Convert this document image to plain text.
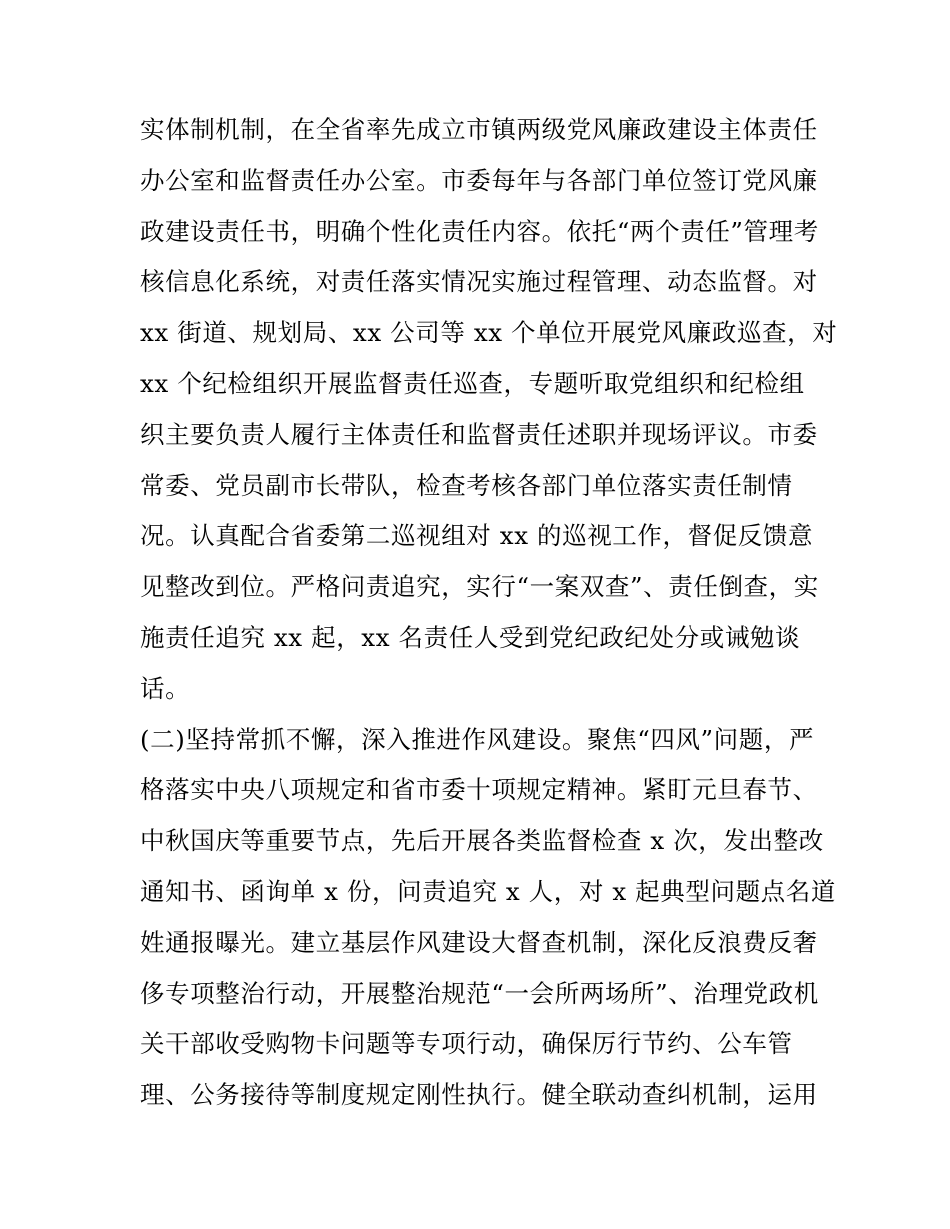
实体制机制，在全省率先成立市镇两级党风廉政建设主体责任
办公室和监督责任办公室。市委每年与各部门单位签订党风廉
政建设责任书，明确个性化责任内容。依托“两个责任”管理考
核信息化系统，对责任落实情况实施过程管理、动态监督。对
xx 街道、规划局、xx 公司等 xx 个单位开展党风廉政巡查，对
xx 个纪检组织开展监督责任巡查，专题听取党组织和纪检组
织主要负责人履行主体责任和监督责任述职并现场评议。市委
常委、党员副市长带队，检查考核各部门单位落实责任制情
况。认真配合省委第二巡视组对 xx 的巡视工作，督促反馈意
见整改到位。严格问责追究，实行“一案双查”、责任倒查，实
施责任追究 xx 起，xx 名责任人受到党纪政纪处分或诫勉谈
话。
(二)坚持常抓不懈，深入推进作风建设。聚焦“四风”问题，严
格落实中央八项规定和省市委十项规定精神。紧盯元旦春节、
中秋国庆等重要节点，先后开展各类监督检查 x 次，发出整改
通知书、函询单 x 份，问责追究 x 人，对 x 起典型问题点名道
姓通报曝光。建立基层作风建设大督查机制，深化反浪费反奢
侈专项整治行动，开展整治规范“一会所两场所”、治理党政机
关干部收受购物卡问题等专项行动，确保厉行节约、公车管
理、公务接待等制度规定刚性执行。健全联动查纠机制，运用
